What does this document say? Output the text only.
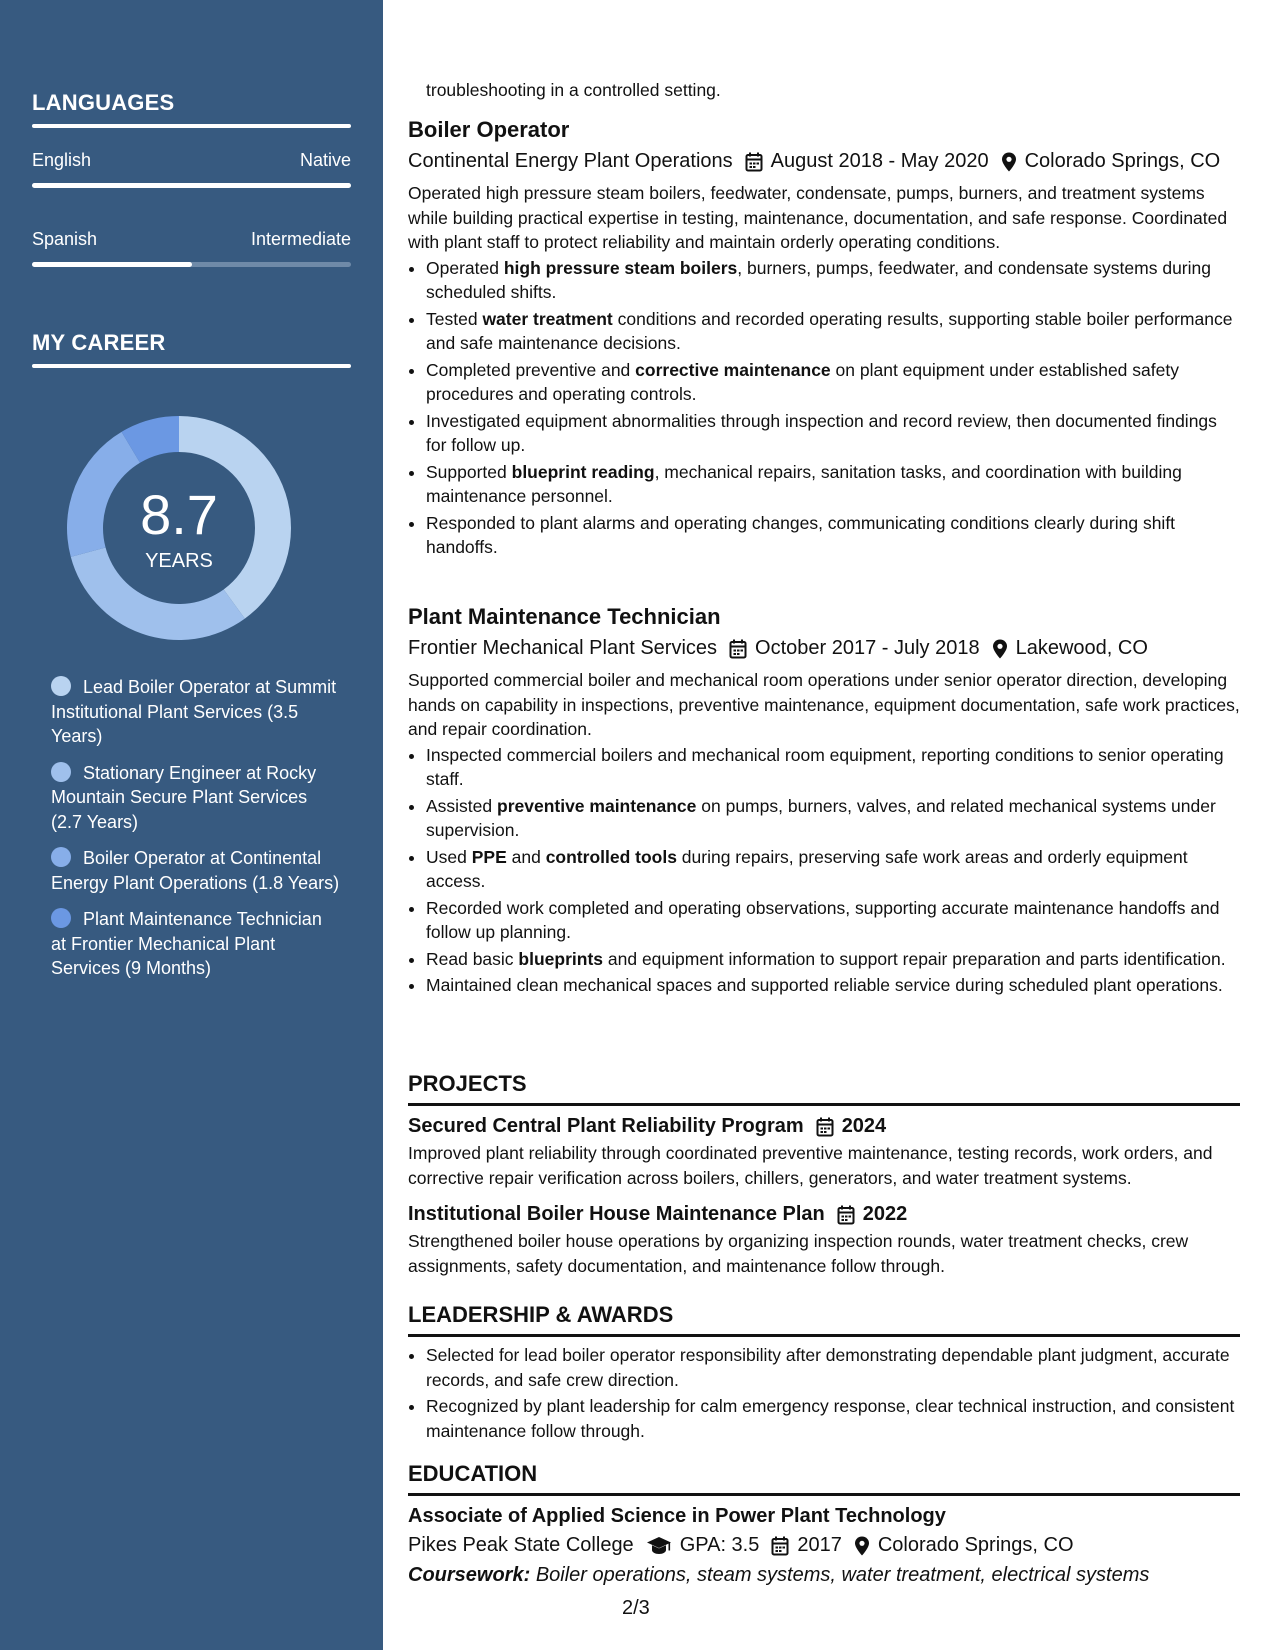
LANGUAGES
English	Native
Spanish	Intermediate
MY CAREER
8.7
YEARS
Lead Boiler Operator at Summit Institutional Plant Services (3.5 Years)
Stationary Engineer at Rocky Mountain Secure Plant Services (2.7 Years)
Boiler Operator at Continental Energy Plant Operations (1.8 Years)
Plant Maintenance Technician at Frontier Mechanical Plant Services (9 Months)
troubleshooting in a controlled setting.
Boiler Operator
Continental Energy Plant Operations August 2018 - May 2020 Colorado Springs, CO
Operated high pressure steam boilers, feedwater, condensate, pumps, burners, and treatment systems while building practical expertise in testing, maintenance, documentation, and safe response. Coordinated with plant staff to protect reliability and maintain orderly operating conditions.
• Operated high pressure steam boilers, burners, pumps, feedwater, and condensate systems during scheduled shifts.
• Tested water treatment conditions and recorded operating results, supporting stable boiler performance and safe maintenance decisions.
• Completed preventive and corrective maintenance on plant equipment under established safety procedures and operating controls.
• Investigated equipment abnormalities through inspection and record review, then documented findings for follow up.
• Supported blueprint reading, mechanical repairs, sanitation tasks, and coordination with building maintenance personnel.
• Responded to plant alarms and operating changes, communicating conditions clearly during shift handoffs.
Plant Maintenance Technician
Frontier Mechanical Plant Services October 2017 - July 2018 Lakewood, CO
Supported commercial boiler and mechanical room operations under senior operator direction, developing hands on capability in inspections, preventive maintenance, equipment documentation, safe work practices, and repair coordination.
• Inspected commercial boilers and mechanical room equipment, reporting conditions to senior operating staff.
• Assisted preventive maintenance on pumps, burners, valves, and related mechanical systems under supervision.
• Used PPE and controlled tools during repairs, preserving safe work areas and orderly equipment access.
• Recorded work completed and operating observations, supporting accurate maintenance handoffs and follow up planning.
• Read basic blueprints and equipment information to support repair preparation and parts identification.
• Maintained clean mechanical spaces and supported reliable service during scheduled plant operations.
PROJECTS
Secured Central Plant Reliability Program 2024
Improved plant reliability through coordinated preventive maintenance, testing records, work orders, and corrective repair verification across boilers, chillers, generators, and water treatment systems.
Institutional Boiler House Maintenance Plan 2022
Strengthened boiler house operations by organizing inspection rounds, water treatment checks, crew assignments, safety documentation, and maintenance follow through.
LEADERSHIP & AWARDS
• Selected for lead boiler operator responsibility after demonstrating dependable plant judgment, accurate records, and safe crew direction.
• Recognized by plant leadership for calm emergency response, clear technical instruction, and consistent maintenance follow through.
EDUCATION
Associate of Applied Science in Power Plant Technology
Pikes Peak State College GPA: 3.5 2017 Colorado Springs, CO
Coursework: Boiler operations, steam systems, water treatment, electrical systems
2/3
